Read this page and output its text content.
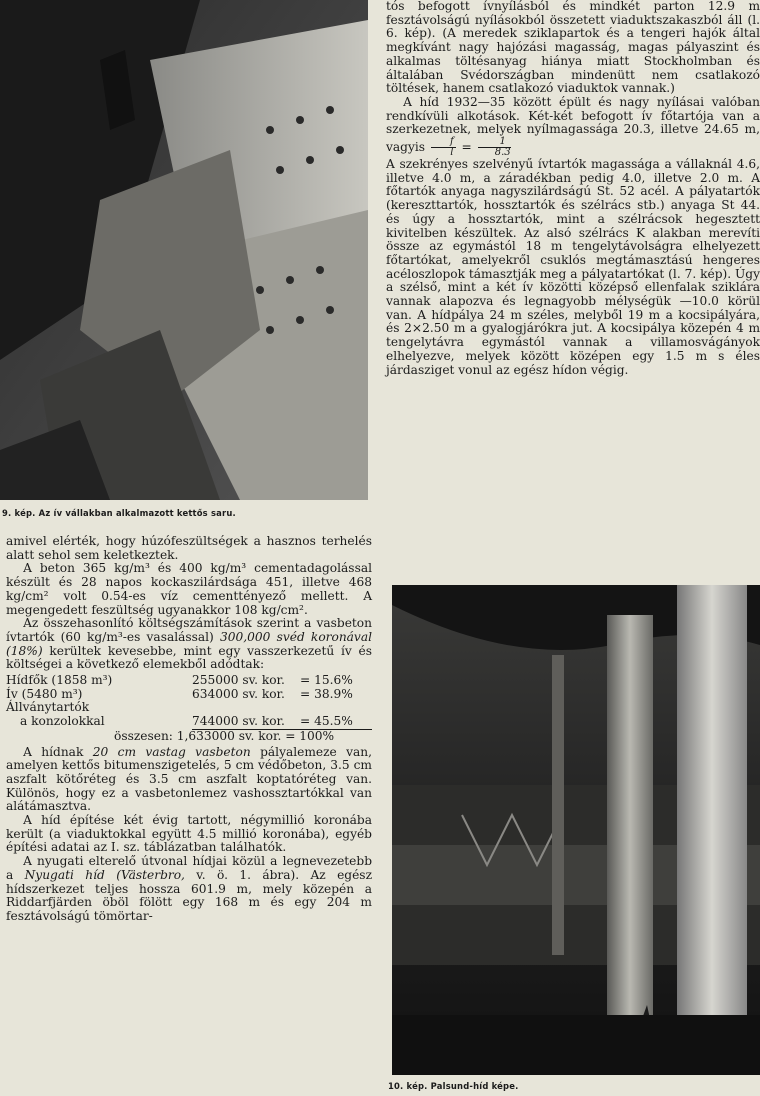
9. kép. Az ív vállakban alkalmazott kettős saru.

amivel elérték, hogy húzófeszültségek a hasznos terhelés alatt sehol sem keletkeztek.

A beton 365 kg/m³ és 400 kg/m³ cementadagolással készült és 28 napos kockaszilárdsága 451, illetve 468 kg/cm² volt 0.54-es víz cementtényező mellett. A megengedett feszültség ugyanakkor 108 kg/cm².

Az összehasonlító költségszámítások szerint a vasbeton ívtartók (60 kg/m³-es vasalással) 300,000 svéd koronával (18%) kerültek kevesebbe, mint egy vasszerkezetű ív és költségei a következő elemekből adódtak:

Hídfők (1858 m³)	255000 sv. kor.	= 15.6%
Ív (5480 m³)	634000 sv. kor.	= 38.9%
Állványtartók
a konzolokkal	744000 sv. kor.	= 45.5%
összesen: 1,633000 sv. kor. = 100%

A hídnak 20 cm vastag vasbeton pályalemeze van, amelyen kettős bitumenszigetelés, 5 cm védőbeton, 3.5 cm aszfalt kötőréteg és 3.5 cm aszfalt koptatóréteg van. Különös, hogy ez a vasbetonlemez vashossztartókkal van alátámasztva.

A híd építése két évig tartott, négymillió koronába került (a viaduktokkal együtt 4.5 millió koronába), egyéb építési adatai az I. sz. táblázatban találhatók.

A nyugati elterelő útvonal hídjai közül a legnevezetebb a Nyugati híd (Västerbro, v. ö. 1. ábra). Az egész hídszerkezet teljes hossza 601.9 m, mely közepén a Riddarfjärden öböl fölött egy 168 m és egy 204 m fesztávolságú tömörtar-

tós befogott ívnyílásból és mindkét parton 12.9 m fesztávolságú nyílásokból összetett viaduktszakaszból áll (l. 6. kép). (A meredek sziklapartok és a tengeri hajók által megkívánt nagy hajózási magasság, magas pályaszint és alkalmas töltésanyag hiánya miatt Stockholmban és általában Svédországban mindenütt nem csatlakozó töltések, hanem csatlakozó viaduktok vannak.)

A híd 1932—35 között épült és nagy nyílásai valóban rendkívüli alkotások. Két-két befogott ív főtartója van a szerkezetnek, melyek nyílmagassága 20.3, illetve 24.65 m, vagyis $\frac{f}{l} = \frac{1}{8.3}$

A szekrényes szelvényű ívtartók magassága a vállaknál 4.6, illetve 4.0 m, a záradékban pedig 4.0, illetve 2.0 m. A főtartók anyaga nagyszilárdságú St. 52 acél. A pályatartók (kereszttartók, hossztartók és szélrács stb.) anyaga St 44. és úgy a hossztartók, mint a szélrácsok hegesztett kivitelben készültek. Az alsó szélrács K alakban merevíti össze az egymástól 18 m tengelytávolságra elhelyezett főtartókat, amelyekről csuklós megtámasztású hengeres acéloszlopok támasztják meg a pályatartókat (l. 7. kép). Úgy a szélső, mint a két ív közötti középső ellenfalak sziklára vannak alapozva és legnagyobb mélységük —10.0 körül van. A hídpálya 24 m széles, melyből 19 m a kocsipályára, és 2×2.50 m a gyalogjárókra jut. A kocsipálya közepén 4 m tengelytávra egymástól vannak a villamosvágányok elhelyezve, melyek között középen egy 1.5 m s éles járdasziget vonul az egész hídon végig.

10. kép. Palsund-híd képe.
